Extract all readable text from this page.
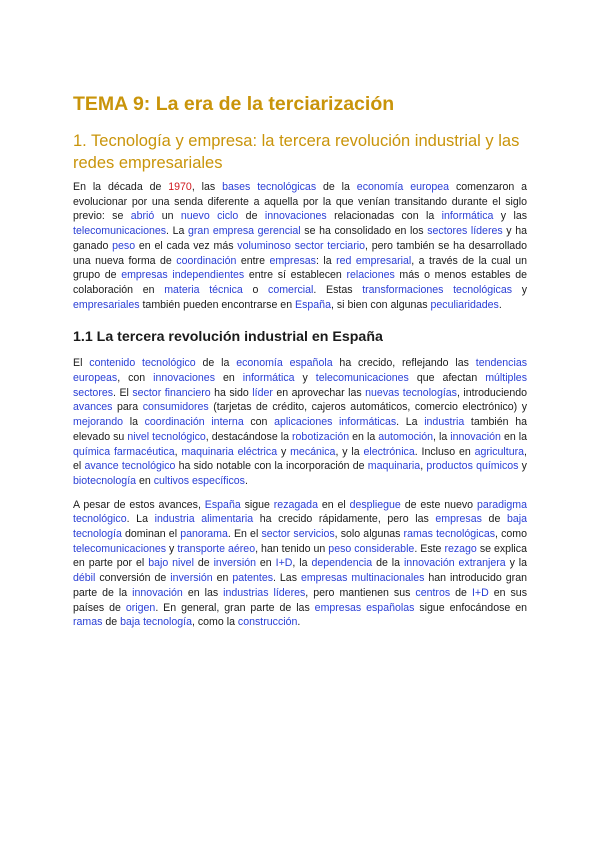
TEMA 9: La era de la terciarización
1. Tecnología y empresa: la tercera revolución industrial y las redes empresariales

En la década de 1970, las bases tecnológicas de la economía europea comenzaron a evolucionar por una senda diferente a aquella por la que venían transitando durante el siglo previo: se abrió un nuevo ciclo de innovaciones relacionadas con la informática y las telecomunicaciones. La gran empresa gerencial se ha consolidado en los sectores líderes y ha ganado peso en el cada vez más voluminoso sector terciario, pero también se ha desarrollado una nueva forma de coordinación entre empresas: la red empresarial, a través de la cual un grupo de empresas independientes entre sí establecen relaciones más o menos estables de colaboración en materia técnica o comercial. Estas transformaciones tecnológicas y empresariales también pueden encontrarse en España, si bien con algunas peculiaridades.

1.1 La tercera revolución industrial en España

El contenido tecnológico de la economía española ha crecido, reflejando las tendencias europeas, con innovaciones en informática y telecomunicaciones que afectan múltiples sectores. El sector financiero ha sido líder en aprovechar las nuevas tecnologías, introduciendo avances para consumidores (tarjetas de crédito, cajeros automáticos, comercio electrónico) y mejorando la coordinación interna con aplicaciones informáticas. La industria también ha elevado su nivel tecnológico, destacándose la robotización en la automoción, la innovación en la química farmacéutica, maquinaria eléctrica y mecánica, y la electrónica. Incluso en agricultura, el avance tecnológico ha sido notable con la incorporación de maquinaria, productos químicos y biotecnología en cultivos específicos.

A pesar de estos avances, España sigue rezagada en el despliegue de este nuevo paradigma tecnológico. La industria alimentaria ha crecido rápidamente, pero las empresas de baja tecnología dominan el panorama. En el sector servicios, solo algunas ramas tecnológicas, como telecomunicaciones y transporte aéreo, han tenido un peso considerable. Este rezago se explica en parte por el bajo nivel de inversión en I+D, la dependencia de la innovación extranjera y la débil conversión de inversión en patentes. Las empresas multinacionales han introducido gran parte de la innovación en las industrias líderes, pero mantienen sus centros de I+D en sus países de origen. En general, gran parte de las empresas españolas sigue enfocándose en ramas de baja tecnología, como la construcción.
